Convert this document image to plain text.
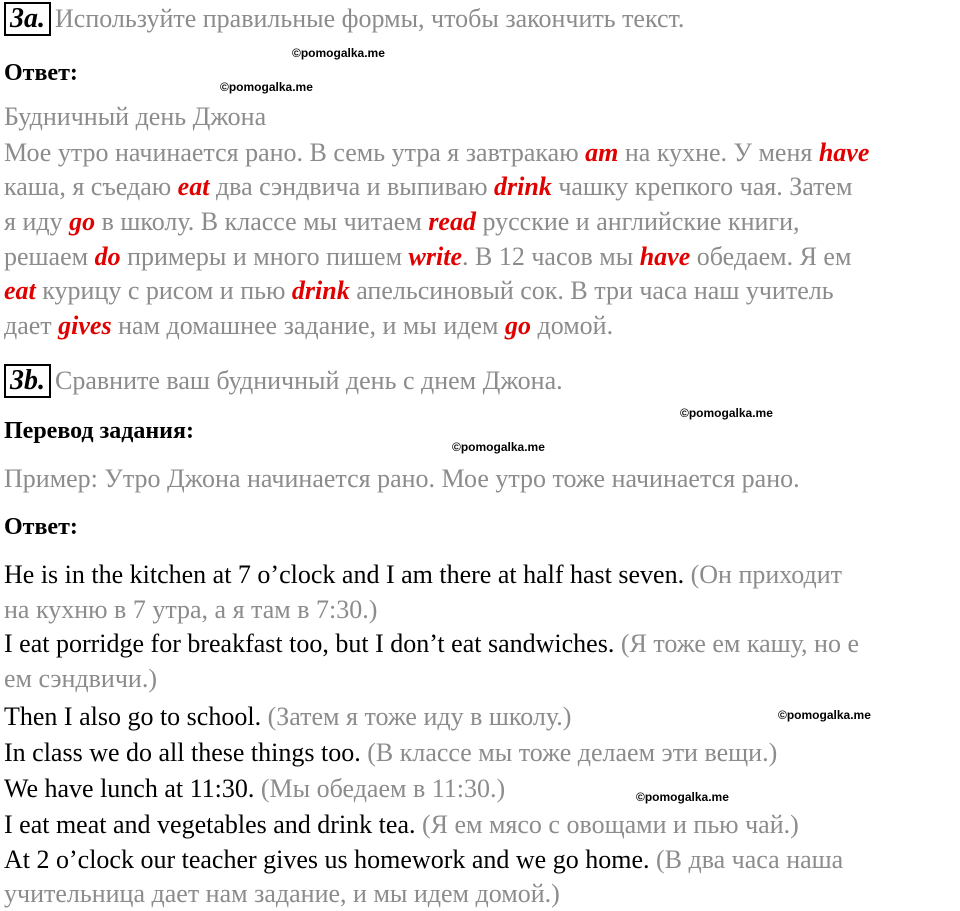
3a. Используйте правильные формы, чтобы закончить текст.
©pomogalka.me
Ответ:
©pomogalka.me
Будничный день Джона
Мое утро начинается рано. В семь утра я завтракаю am на кухне. У меня have
каша, я съедаю eat два сэндвича и выпиваю drink чашку крепкого чая. Затем
я иду go в школу. В классе мы читаем read русские и английские книги,
решаем do примеры и много пишем write. В 12 часов мы have обедаем. Я ем
eat курицу с рисом и пью drink апельсиновый сок. В три часа наш учитель
дает gives нам домашнее задание, и мы идем go домой.
3b. Сравните ваш будничный день с днем Джона.
©pomogalka.me
Перевод задания:
©pomogalka.me
Пример: Утро Джона начинается рано. Мое утро тоже начинается рано.
Ответ:
He is in the kitchen at 7 o’clock and I am there at half hast seven. (Он приходит
на кухню в 7 утра, а я там в 7:30.)
I eat porridge for breakfast too, but I don’t eat sandwiches. (Я тоже ем кашу, но е
ем сэндвичи.)
Then I also go to school. (Затем я тоже иду в школу.)
In class we do all these things too. (В классе мы тоже делаем эти вещи.)
We have lunch at 11:30. (Мы обедаем в 11:30.)
I eat meat and vegetables and drink tea. (Я ем мясо с овощами и пью чай.)
At 2 o’clock our teacher gives us homework and we go home. (В два часа наша
учительница дает нам задание, и мы идем домой.)
©pomogalka.me
©pomogalka.me
